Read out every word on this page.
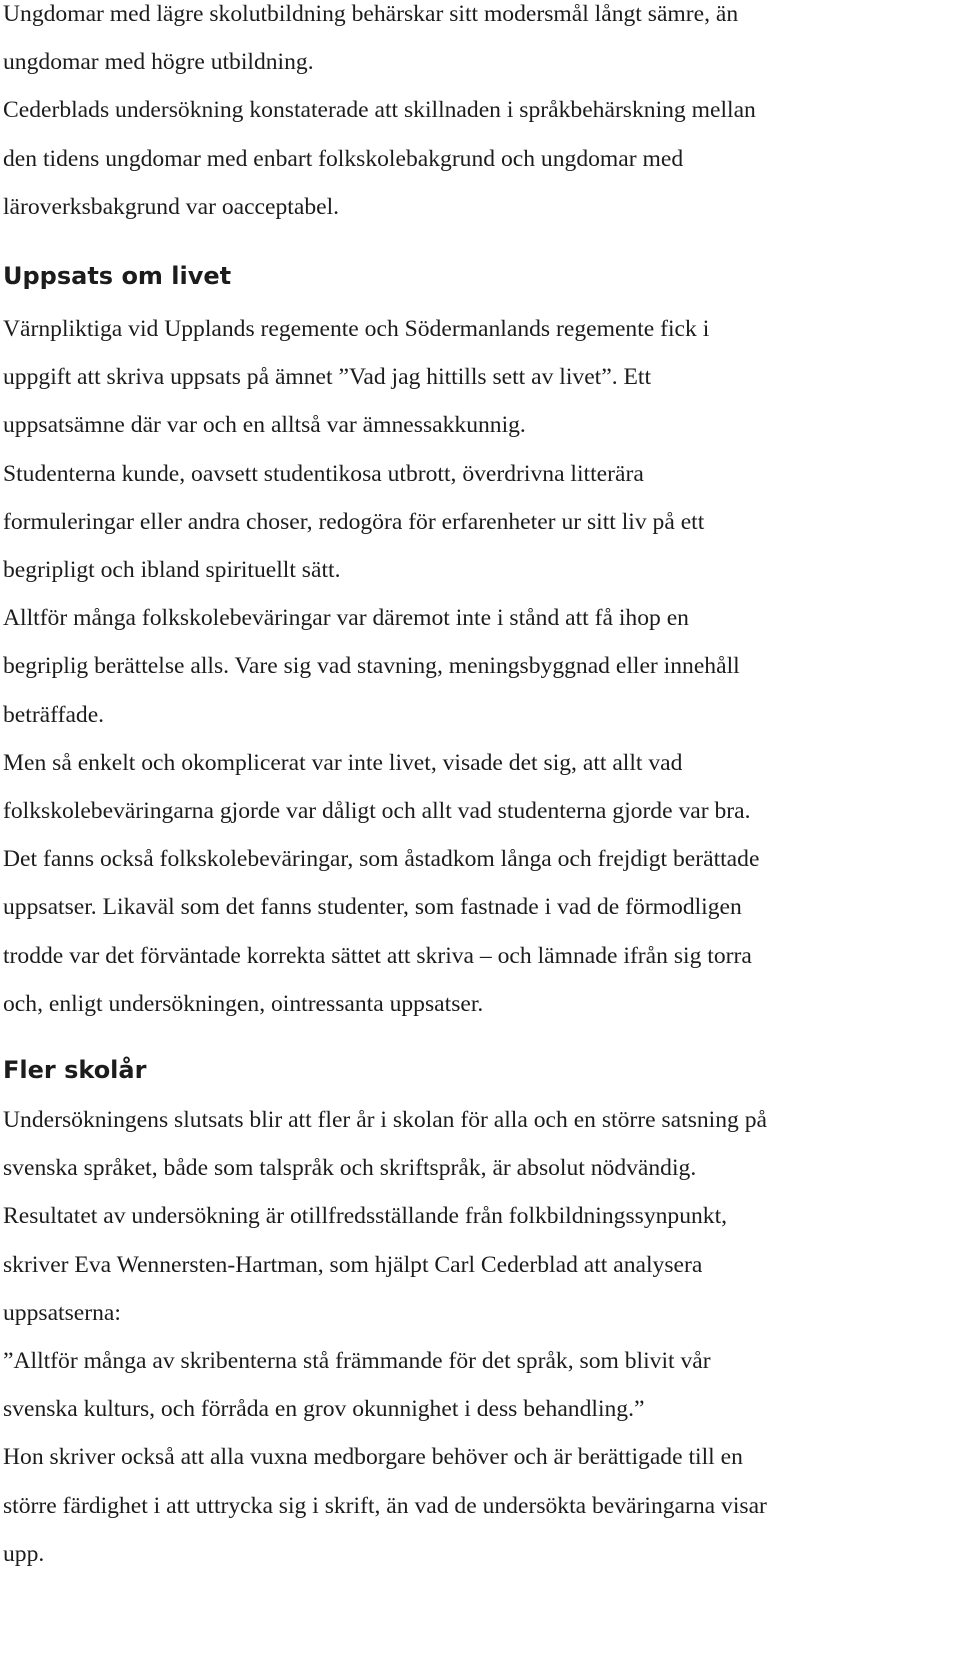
Ungdomar med lägre skolutbildning behärskar sitt modersmål långt sämre, än
ungdomar med högre utbildning.
Cederblads undersökning konstaterade att skillnaden i språkbehärskning mellan
den tidens ungdomar med enbart folkskolebakgrund och ungdomar med
läroverksbakgrund var oacceptabel.
Uppsats om livet
Värnpliktiga vid Upplands regemente och Södermanlands regemente fick i
uppgift att skriva uppsats på ämnet ”Vad jag hittills sett av livet”. Ett
uppsatsämne där var och en alltså var ämnessakkunnig.
Studenterna kunde, oavsett studentikosa utbrott, överdrivna litterära
formuleringar eller andra choser, redogöra för erfarenheter ur sitt liv på ett
begripligt och ibland spirituellt sätt.
Alltför många folkskolebeväringar var däremot inte i stånd att få ihop en
begriplig berättelse alls. Vare sig vad stavning, meningsbyggnad eller innehåll
beträffade.
Men så enkelt och okomplicerat var inte livet, visade det sig, att allt vad
folkskolebeväringarna gjorde var dåligt och allt vad studenterna gjorde var bra.
Det fanns också folkskolebeväringar, som åstadkom långa och frejdigt berättade
uppsatser. Likaväl som det fanns studenter, som fastnade i vad de förmodligen
trodde var det förväntade korrekta sättet att skriva – och lämnade ifrån sig torra
och, enligt undersökningen, ointressanta uppsatser.
Fler skolår
Undersökningens slutsats blir att fler år i skolan för alla och en större satsning på
svenska språket, både som talspråk och skriftspråk, är absolut nödvändig.
Resultatet av undersökning är otillfredsställande från folkbildningssynpunkt,
skriver Eva Wennersten-Hartman, som hjälpt Carl Cederblad att analysera
uppsatserna:
”Alltför många av skribenterna stå främmande för det språk, som blivit vår
svenska kulturs, och förråda en grov okunnighet i dess behandling.”
Hon skriver också att alla vuxna medborgare behöver och är berättigade till en
större färdighet i att uttrycka sig i skrift, än vad de undersökta beväringarna visar
upp.
